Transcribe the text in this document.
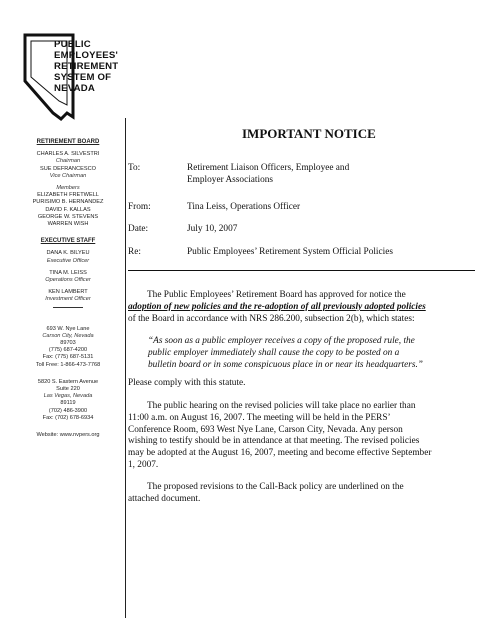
PUBLIC
EMPLOYEES'
RETIREMENT
SYSTEM OF
NEVADA
RETIREMENT BOARD
CHARLES A. SILVESTRI
Chairman
SUE DEFRANCESCO
Vice Chairman
Members
ELIZABETH FRETWELL
PURISIMO B. HERNANDEZ
DAVID F. KALLAS
GEORGE W. STEVENS
WARREN WISH
EXECUTIVE STAFF
DANA K. BILYEU
Executive Officer
TINA M. LEISS
Operations Officer
KEN LAMBERT
Investment Officer
693 W. Nye Lane
Carson City, Nevada
89703
(775) 687-4200
Fax: (775) 687-5131
Toll Free: 1-866-473-7768
5820 S. Eastern Avenue
Suite 220
Las Vegas, Nevada
89119
(702) 486-3900
Fax: (702) 678-6934
Website: www.nvpers.org
IMPORTANT NOTICE
To:	Retirement Liaison Officers, Employee and
Employer Associations
From:	Tina Leiss, Operations Officer
Date:	July 10, 2007
Re:	Public Employees’ Retirement System Official Policies
The Public Employees’ Retirement Board has approved for notice the
adoption of new policies and the re-adoption of all previously adopted policies
of the Board in accordance with NRS 286.200, subsection 2(b), which states:
“As soon as a public employer receives a copy of the proposed rule, the
public employer immediately shall cause the copy to be posted on a
bulletin board or in some conspicuous place in or near its headquarters.”
Please comply with this statute.
The public hearing on the revised policies will take place no earlier than
11:00 a.m. on August 16, 2007. The meeting will be held in the PERS’
Conference Room, 693 West Nye Lane, Carson City, Nevada. Any person
wishing to testify should be in attendance at that meeting. The revised policies
may be adopted at the August 16, 2007, meeting and become effective September
1, 2007.
The proposed revisions to the Call-Back policy are underlined on the
attached document.
